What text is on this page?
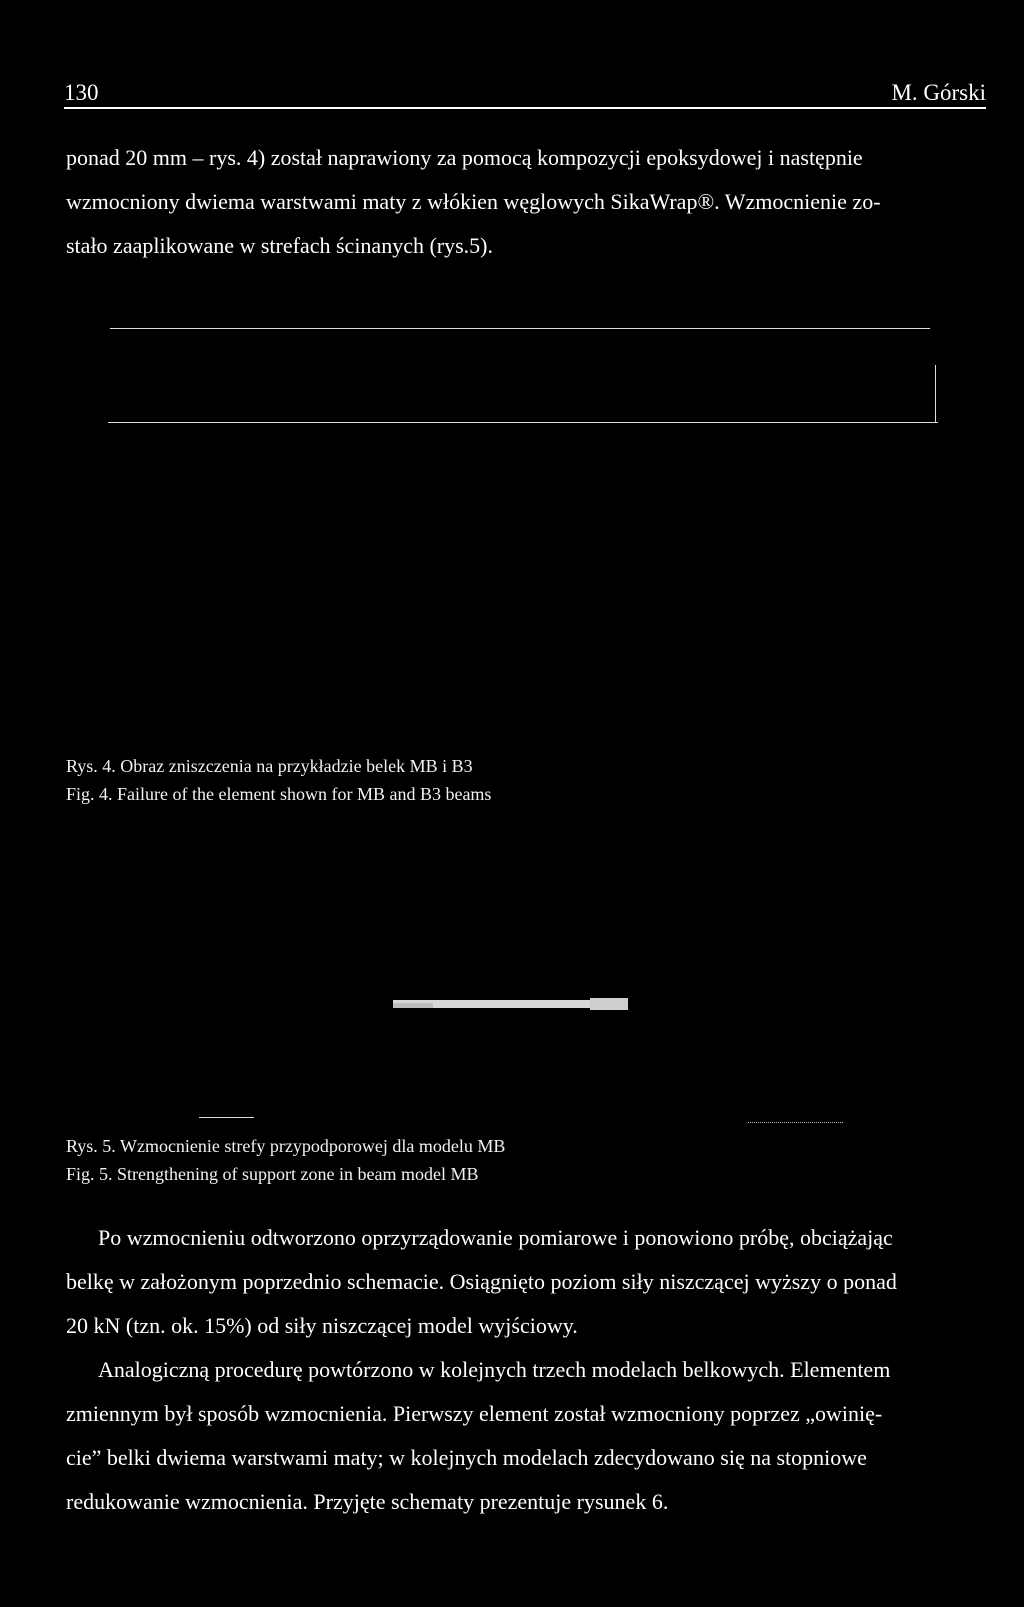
130	M. Górski

ponad 20 mm – rys. 4) został naprawiony za pomocą kompozycji epoksydowej i następnie

wzmocniony dwiema warstwami maty z włókien węglowych SikaWrap®. Wzmocnienie zo-

stało zaaplikowane w strefach ścinanych (rys.5).

Rys. 4. Obraz zniszczenia na przykładzie belek MB i B3
Fig. 4. Failure of the element shown for MB and B3 beams
Rys. 5. Wzmocnienie strefy przypodporowej dla modelu MB
Fig. 5. Strengthening of support zone in beam model MB

Po wzmocnieniu odtworzono oprzyrządowanie pomiarowe i ponowiono próbę, obciążając

belkę w założonym poprzednio schemacie. Osiągnięto poziom siły niszczącej wyższy o ponad

20 kN (tzn. ok. 15%) od siły niszczącej model wyjściowy.

Analogiczną procedurę powtórzono w kolejnych trzech modelach belkowych. Elementem

zmiennym był sposób wzmocnienia. Pierwszy element został wzmocniony poprzez „owinię-

cie” belki dwiema warstwami maty; w kolejnych modelach zdecydowano się na stopniowe

redukowanie wzmocnienia. Przyjęte schematy prezentuje rysunek 6.
